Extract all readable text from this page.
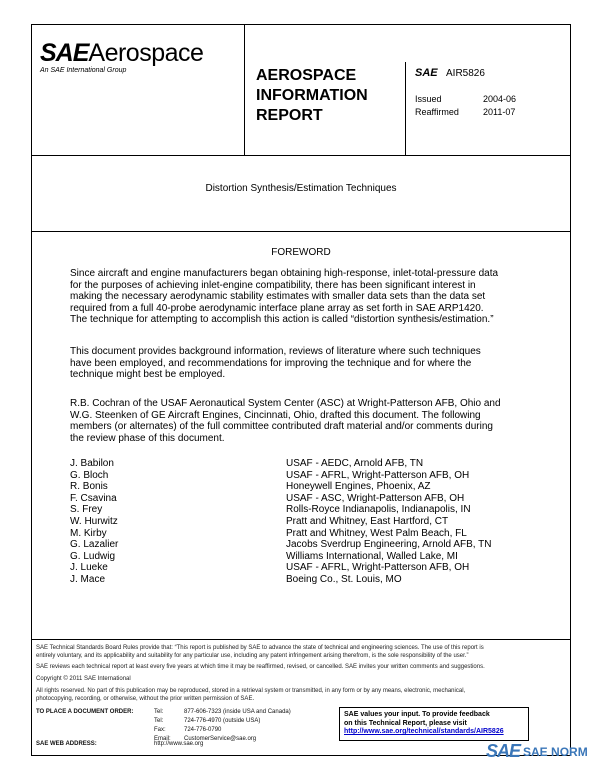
SAEAerospace
An SAE International Group	AEROSPACE
INFORMATION
REPORT
SAE AIR5826
Issued	2004-06
Reaffirmed	2011-07
Distortion Synthesis/Estimation Techniques
FOREWORD
Since aircraft and engine manufacturers began obtaining high-response, inlet-total-pressure data
for the purposes of achieving inlet-engine compatibility, there has been significant interest in
making the necessary aerodynamic stability estimates with smaller data sets than the data set
required from a full 40-probe aerodynamic interface plane array as set forth in SAE ARP1420.
The technique for attempting to accomplish this action is called “distortion synthesis/estimation.”
This document provides background information, reviews of literature where such techniques
have been employed, and recommendations for improving the technique and for where the
technique might best be employed.
R.B. Cochran of the USAF Aeronautical System Center (ASC) at Wright-Patterson AFB, Ohio and
W.G. Steenken of GE Aircraft Engines, Cincinnati, Ohio, drafted this document. The following
members (or alternates) of the full committee contributed draft material and/or comments during
the review phase of this document.
J. Babilon	USAF - AEDC, Arnold AFB, TN
G. Bloch	USAF - AFRL, Wright-Patterson AFB, OH
R. Bonis	Honeywell Engines, Phoenix, AZ
F. Csavina	USAF - ASC, Wright-Patterson AFB, OH
S. Frey	Rolls-Royce Indianapolis, Indianapolis, IN
W. Hurwitz	Pratt and Whitney, East Hartford, CT
M. Kirby	Pratt and Whitney, West Palm Beach, FL
G. Lazalier	Jacobs Sverdrup Engineering, Arnold AFB, TN
G. Ludwig	Williams International, Walled Lake, MI
J. Lueke	USAF - AFRL, Wright-Patterson AFB, OH
J. Mace	Boeing Co., St. Louis, MO
SAE Technical Standards Board Rules provide that: “This report is published by SAE to advance the state of technical and engineering sciences. The use of this report is
entirely voluntary, and its applicability and suitability for any particular use, including any patent infringement arising therefrom, is the sole responsibility of the user.”
SAE reviews each technical report at least every five years at which time it may be reaffirmed, revised, or cancelled. SAE invites your written comments and suggestions.
Copyright © 2011 SAE International
All rights reserved. No part of this publication may be reproduced, stored in a retrieval system or transmitted, in any form or by any means, electronic, mechanical,
photocopying, recording, or otherwise, without the prior written permission of SAE.
TO PLACE A DOCUMENT ORDER:	Tel:	877-606-7323 (inside USA and Canada)
Tel:	724-776-4970 (outside USA)
Fax:	724-776-0790
Email:	CustomerService@sae.org
SAE WEB ADDRESS:	http://www.sae.org
SAE values your input. To provide feedback
on this Technical Report, please visit
http://www.sae.org/technical/standards/AIR5826
SAE SAE NORM
